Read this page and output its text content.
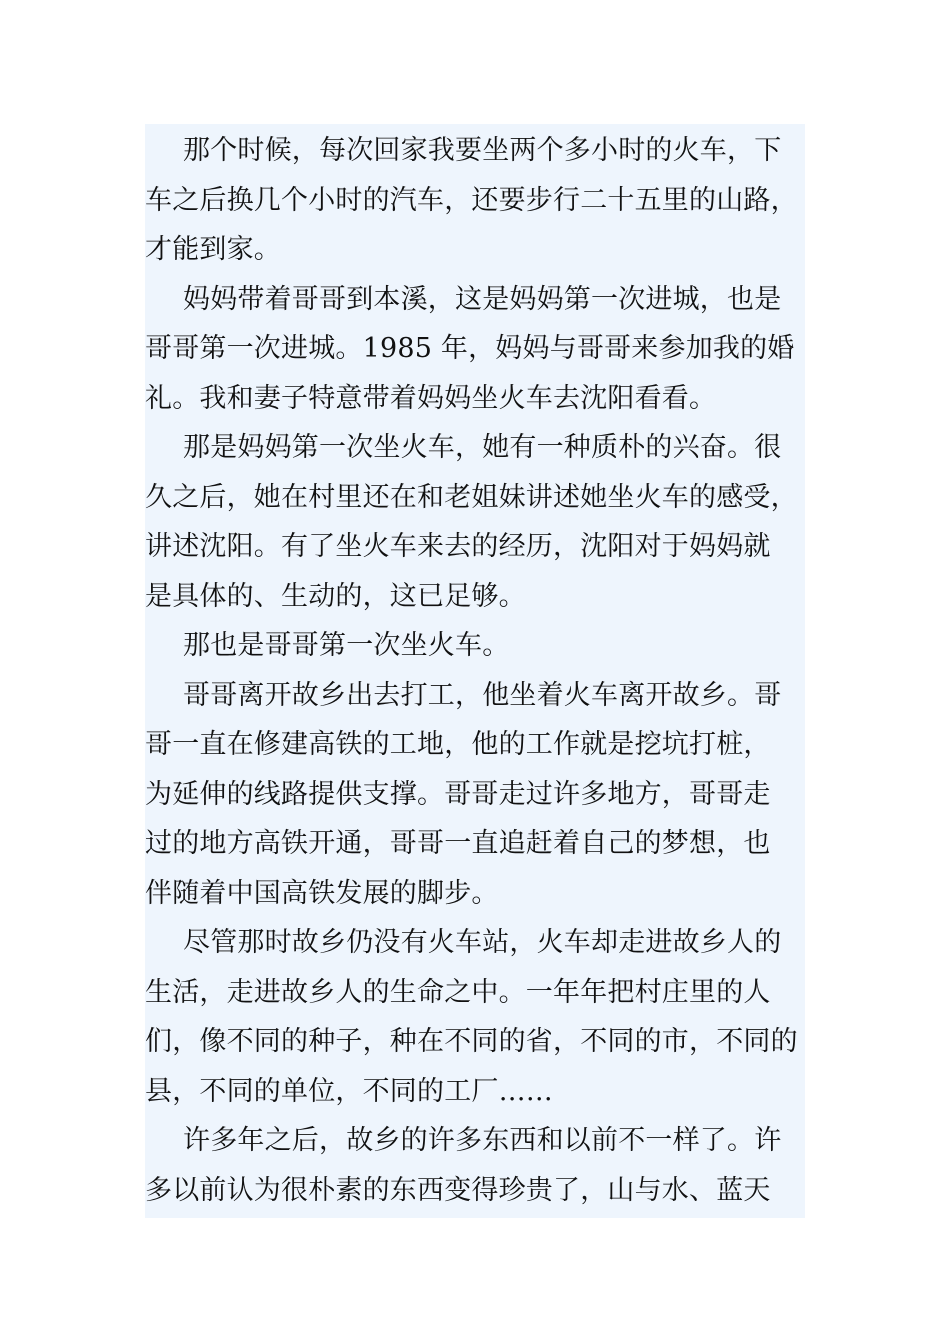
那个时候，每次回家我要坐两个多小时的火车，下
车之后换几个小时的汽车，还要步行二十五里的山路，
才能到家。

妈妈带着哥哥到本溪，这是妈妈第一次进城，也是
哥哥第一次进城。1985 年，妈妈与哥哥来参加我的婚
礼。我和妻子特意带着妈妈坐火车去沈阳看看。

那是妈妈第一次坐火车，她有一种质朴的兴奋。很
久之后，她在村里还在和老姐妹讲述她坐火车的感受，
讲述沈阳。有了坐火车来去的经历，沈阳对于妈妈就
是具体的、生动的，这已足够。

那也是哥哥第一次坐火车。

哥哥离开故乡出去打工，他坐着火车离开故乡。哥
哥一直在修建高铁的工地，他的工作就是挖坑打桩，
为延伸的线路提供支撑。哥哥走过许多地方，哥哥走
过的地方高铁开通，哥哥一直追赶着自己的梦想，也
伴随着中国高铁发展的脚步。

尽管那时故乡仍没有火车站，火车却走进故乡人的
生活，走进故乡人的生命之中。一年年把村庄里的人
们，像不同的种子，种在不同的省，不同的市，不同的
县，不同的单位，不同的工厂……

许多年之后，故乡的许多东西和以前不一样了。许
多以前认为很朴素的东西变得珍贵了，山与水、蓝天
